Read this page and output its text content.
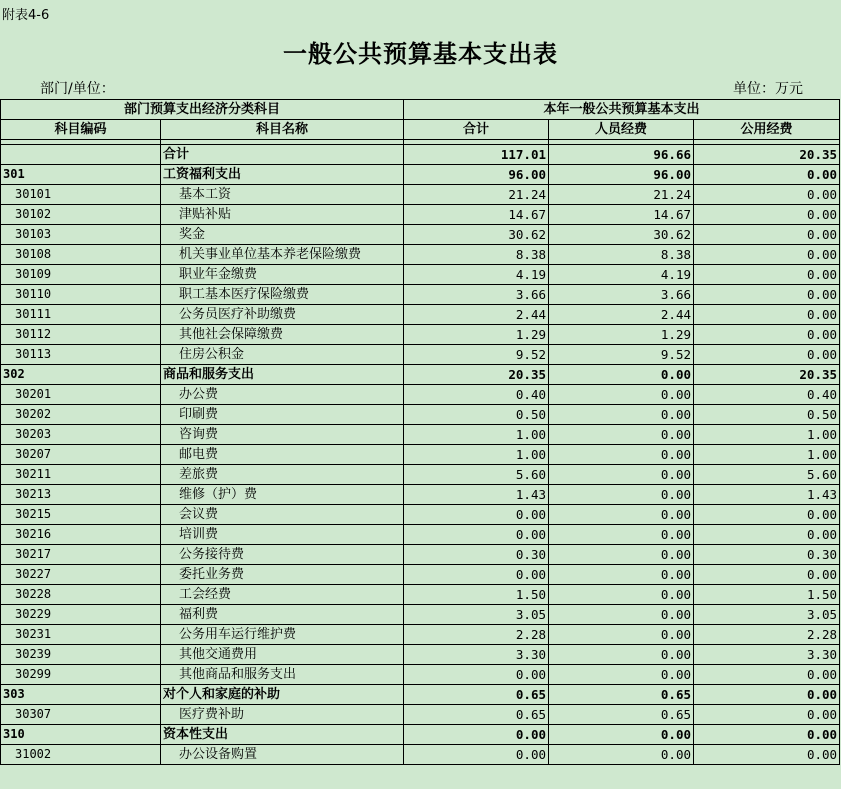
附表4-6
一般公共预算基本支出表
部门/单位：	单位：万元
部门预算支出经济分类科目		本年一般公共预算基本支出		
科目编码	科目名称	合计	人员经费	公用经费

	合计	117.01	96.66	20.35
301	工资福利支出	96.00	96.00	0.00
30101	基本工资	21.24	21.24	0.00
30102	津贴补贴	14.67	14.67	0.00
30103	奖金	30.62	30.62	0.00
30108	机关事业单位基本养老保险缴费	8.38	8.38	0.00
30109	职业年金缴费	4.19	4.19	0.00
30110	职工基本医疗保险缴费	3.66	3.66	0.00
30111	公务员医疗补助缴费	2.44	2.44	0.00
30112	其他社会保障缴费	1.29	1.29	0.00
30113	住房公积金	9.52	9.52	0.00
302	商品和服务支出	20.35	0.00	20.35
30201	办公费	0.40	0.00	0.40
30202	印刷费	0.50	0.00	0.50
30203	咨询费	1.00	0.00	1.00
30207	邮电费	1.00	0.00	1.00
30211	差旅费	5.60	0.00	5.60
30213	维修（护）费	1.43	0.00	1.43
30215	会议费	0.00	0.00	0.00
30216	培训费	0.00	0.00	0.00
30217	公务接待费	0.30	0.00	0.30
30227	委托业务费	0.00	0.00	0.00
30228	工会经费	1.50	0.00	1.50
30229	福利费	3.05	0.00	3.05
30231	公务用车运行维护费	2.28	0.00	2.28
30239	其他交通费用	3.30	0.00	3.30
30299	其他商品和服务支出	0.00	0.00	0.00
303	对个人和家庭的补助	0.65	0.65	0.00
30307	医疗费补助	0.65	0.65	0.00
310	资本性支出	0.00	0.00	0.00
31002	办公设备购置	0.00	0.00	0.00
